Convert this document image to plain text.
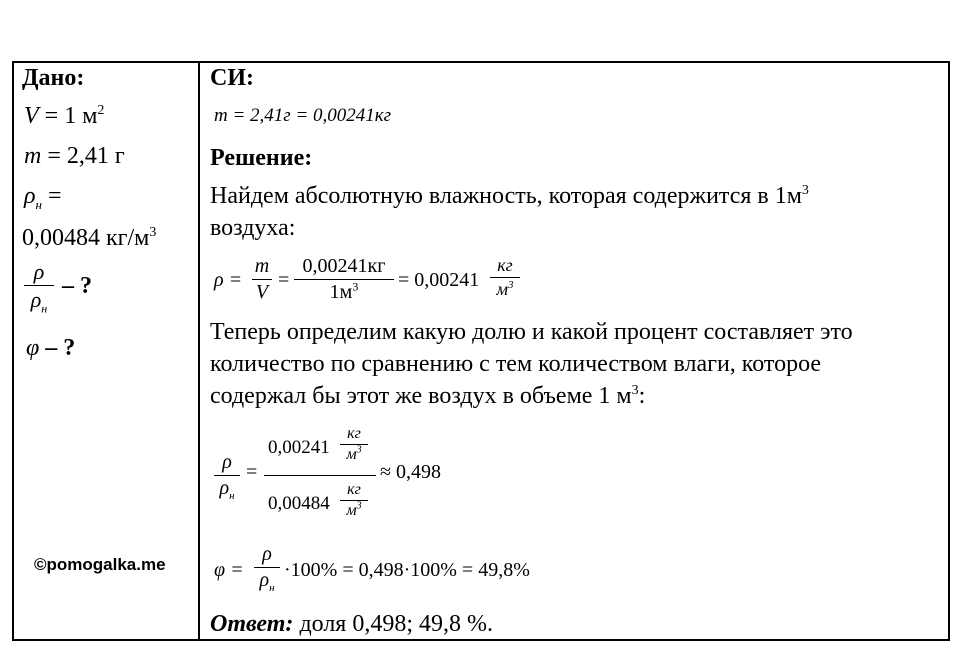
Дано:
V = 1 $м^2$
m = 2,41 г
$\rho_н$ =
0,00484 $кг/м^3$
ρ
$\rho_н$
– ?
φ – ?
©pomogalka.me
СИ:
m = 2,41г = 0,00241кг
Решение:
Найдем абсолютную влажность, которая содержится в $1м^3$
воздуха:
ρ =
m
V
=
0,00241кг
$1м^3$	= 0,00241
кг
$м^3$
Теперь определим какую долю и какой процент составляет это
количество по сравнению с тем количеством влаги, которое
содержал бы этот же воздух в объеме 1 $м^3$:
ρ
$\rho_н$
=
0,00241
кг
$м^3$
0,00484
кг
$м^3$
≈ 0,498
φ =
ρ
$\rho_н$
·100% = 0,498·100% = 49,8%
Ответ: доля 0,498; 49,8 %.
